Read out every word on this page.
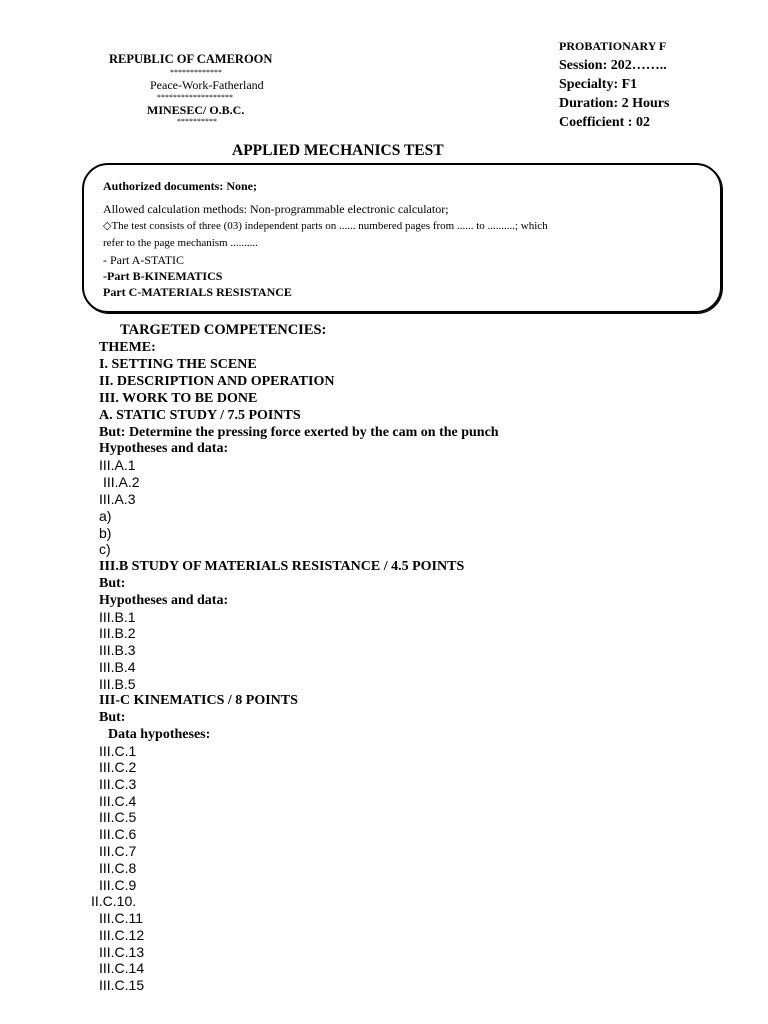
REPUBLIC OF CAMEROON
*************
Peace-Work-Fatherland
*******************
MINESEC/ O.B.C.
**********
PROBATIONARY F
Session: 202……..
Specialty: F1
Duration: 2 Hours
Coefficient : 02
APPLIED MECHANICS TEST
Authorized documents: None;
Allowed calculation methods: Non-programmable electronic calculator;
◇The test consists of three (03) independent parts on ...... numbered pages from ...... to ..........; which
refer to the page mechanism ..........
- Part A-STATIC
-Part B-KINEMATICS
Part C-MATERIALS RESISTANCE
TARGETED COMPETENCIES:
THEME:
I. SETTING THE SCENE
II. DESCRIPTION AND OPERATION
III. WORK TO BE DONE
A. STATIC STUDY / 7.5 POINTS
But: Determine the pressing force exerted by the cam on the punch
Hypotheses and data:
III.A.1
III.A.2
III.A.3
a)
b)
c)
III.B STUDY OF MATERIALS RESISTANCE / 4.5 POINTS
But:
Hypotheses and data:
III.B.1
III.B.2
III.B.3
III.B.4
III.B.5
III-C KINEMATICS / 8 POINTS
But:
Data hypotheses:
III.C.1
III.C.2
III.C.3
III.C.4
III.C.5
III.C.6
III.C.7
III.C.8
III.C.9
II.C.10.
III.C.11
III.C.12
III.C.13
III.C.14
III.C.15
